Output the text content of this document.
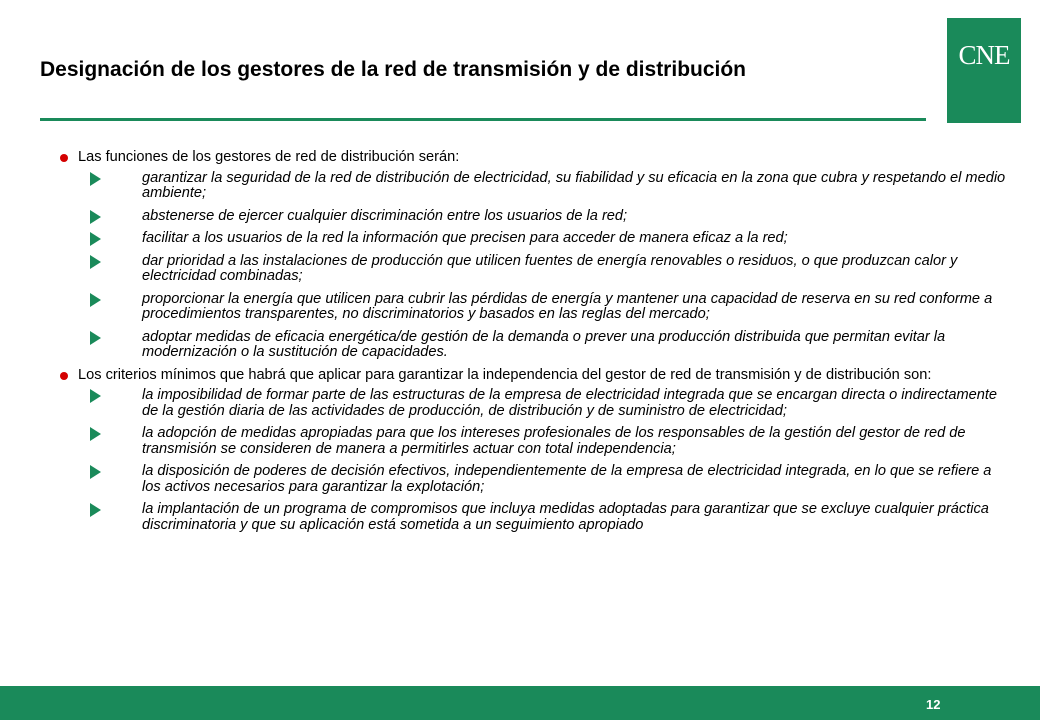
Designación de los gestores de la red de transmisión y de distribución	CNE
Las funciones de los gestores de red de distribución serán:
garantizar la seguridad de la red de distribución de electricidad, su fiabilidad y su eficacia en la zona que cubra y respetando el medio ambiente;
abstenerse de ejercer cualquier discriminación entre los usuarios de la red;
facilitar a los usuarios de la red la información que precisen para acceder de manera eficaz a la red;
dar prioridad a las instalaciones de producción que utilicen fuentes de energía renovables o residuos, o que produzcan calor y electricidad combinadas;
proporcionar la energía que utilicen para cubrir las pérdidas de energía y mantener una capacidad de reserva en su red conforme a procedimientos transparentes, no discriminatorios y basados en las reglas del mercado;
adoptar medidas de eficacia energética/de gestión de la demanda o prever una producción distribuida que permitan evitar la modernización o la sustitución de capacidades.
Los criterios mínimos que habrá que aplicar para garantizar la independencia del gestor de red de transmisión y de distribución son:
la imposibilidad de formar parte de las estructuras de la empresa de electricidad integrada que se encargan directa o indirectamente de la gestión diaria de las actividades de producción, de distribución y de suministro de electricidad;
la adopción de medidas apropiadas para que los intereses profesionales de los responsables de la gestión del gestor de red de transmisión se consideren de manera a permitirles actuar con total independencia;
la disposición de poderes de decisión efectivos, independientemente de la empresa de electricidad integrada, en lo que se refiere a los activos necesarios para garantizar la explotación;
la implantación de un programa de compromisos que incluya medidas adoptadas para garantizar que se excluye cualquier práctica discriminatoria y que su aplicación está sometida a un seguimiento apropiado
12
